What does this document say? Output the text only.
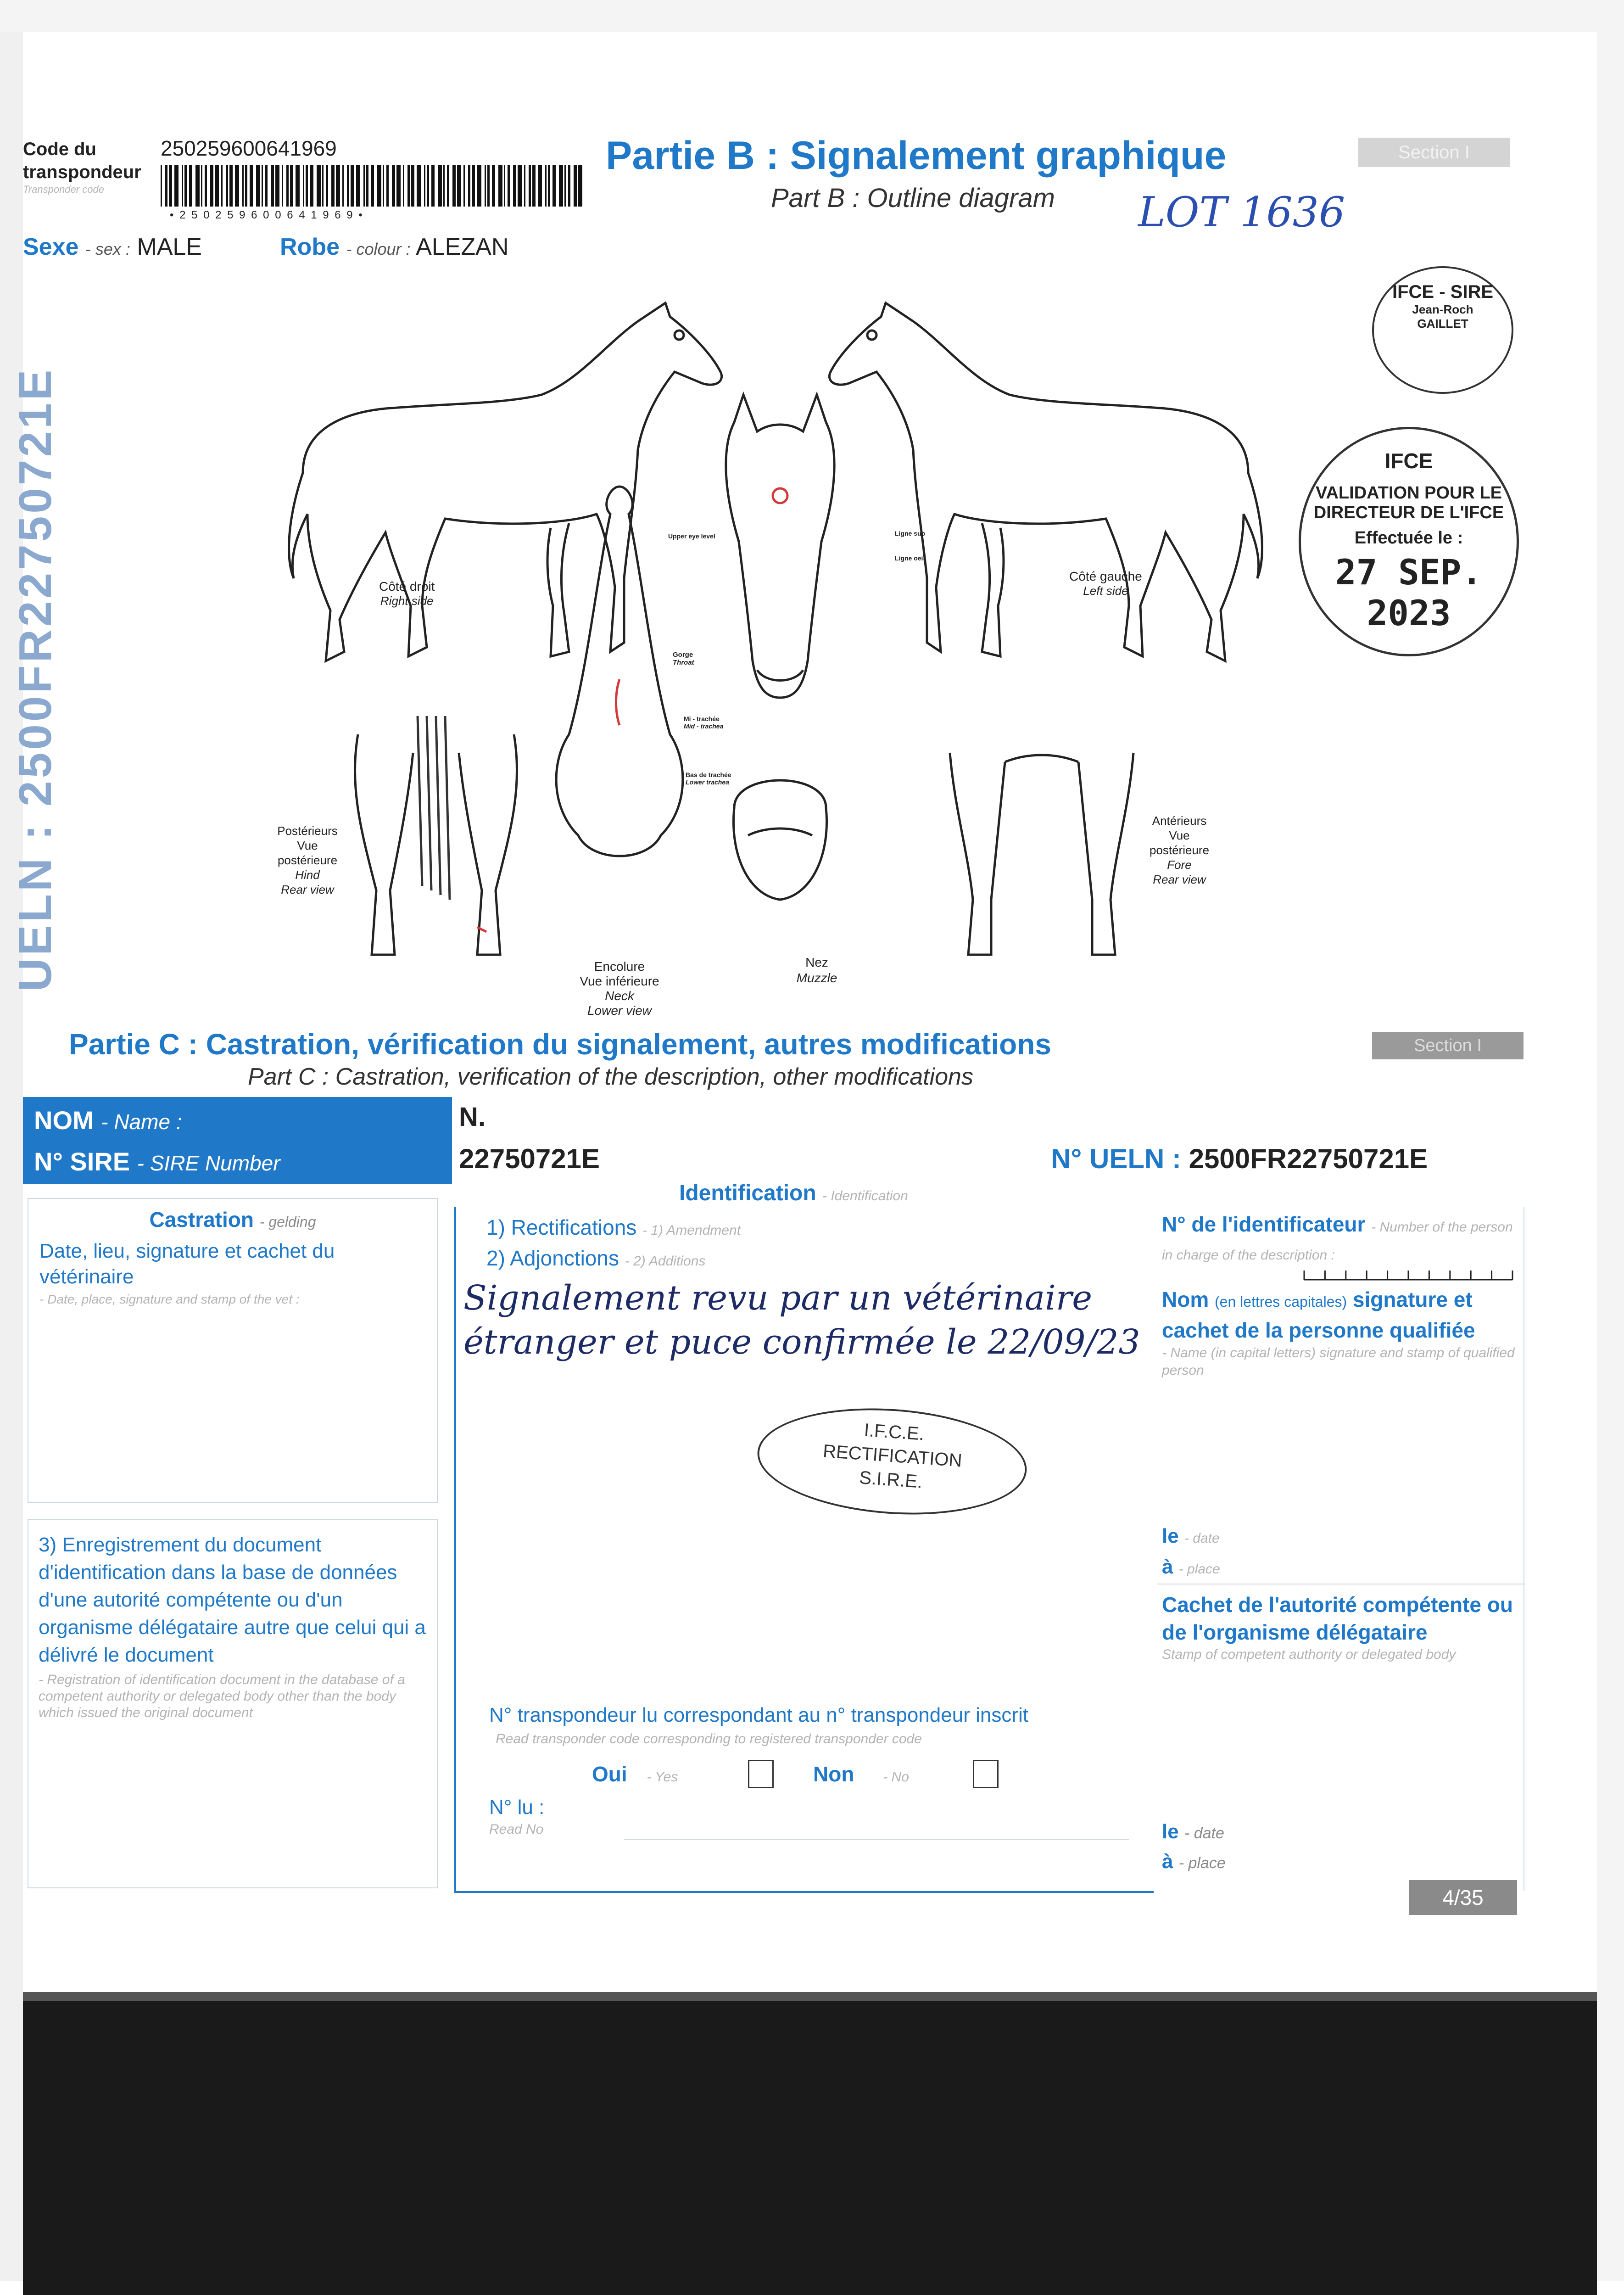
Code du transpondeur
Transponder code
250259600641969
• 2 5 0 2 5 9 6 0 0 6 4 1 9 6 9 •
Partie B : Signalement graphique
Part B : Outline diagram
Section I
LOT 1636
Sexe - sex : MALE	Robe - colour : ALEZAN
UELN : 2500FR22750721E	Côté droit
Right side
Côté gauche
Left side
Upper eye level	Ligne sup
Ligne oeil
Gorge
Throat
Mi - trachée
Mid - trachea
Bas de trachée
Lower trachea
Postérieurs
Vue
postérieure
Hind
Rear view
Encolure
Vue inférieure
Neck
Lower view
Nez
Muzzle
Antérieurs
Vue
postérieure
Fore
Rear view
IFCE - SIRE
Jean-Roch
GAILLET
IFCE
VALIDATION POUR LE
DIRECTEUR DE L'IFCE
Effectuée le :
27 SEP. 2023
Partie C : Castration, vérification du signalement, autres modifications	Section I
Part C : Castration, verification of the description, other modifications
NOM - Name :
N° SIRE - SIRE Number
N.
22750721E	N° UELN : 2500FR22750721E
Castration - gelding
Date, lieu, signature et cachet du vétérinaire
- Date, place, signature and stamp of the vet :
3) Enregistrement du document d'identification dans la base de données d'une autorité compétente ou d'un organisme délégataire autre que celui qui a délivré le document
- Registration of identification document in the database of a competent authority or delegated body other than the body which issued the original document
Identification - Identification
1) Rectifications - 1) Amendment
2) Adjonctions - 2) Additions
Signalement revu par un vétérinaire
étranger et puce confirmée le 22/09/23
I.F.C.E.
RECTIFICATION
S.I.R.E.
N° transpondeur lu correspondant au n° transpondeur inscrit
Read transponder code corresponding to registered transponder code
Oui - Yes	Non - No
N° lu :
Read No
N° de l'identificateur - Number of the person in charge of the description :
Nom (en lettres capitales) signature et cachet de la personne qualifiée
- Name (in capital letters) signature and stamp of qualified person
le - date
à - place
Cachet de l'autorité compétente ou de l'organisme délégataire
Stamp of competent authority or delegated body
le - date
à - place
4/35
